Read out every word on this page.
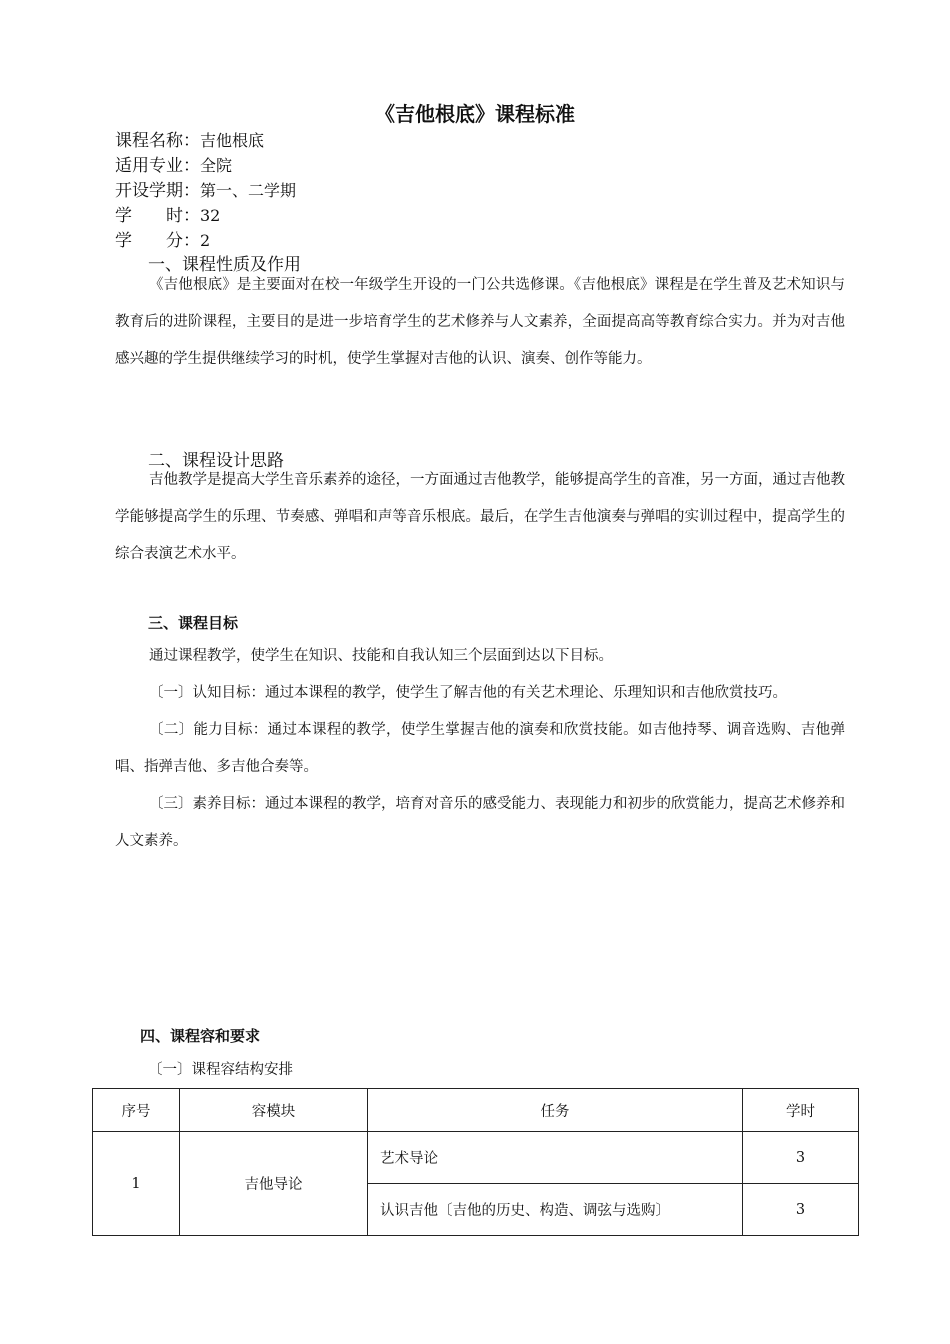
《吉他根底》课程标准
课程名称：吉他根底
适用专业：全院
开设学期：第一、二学期
学　　时：32
学　　分：2
一、课程性质及作用

《吉他根底》是主要面对在校一年级学生开设的一门公共选修课。《吉他根底》课程是在学生普及艺术知识与教育后的进阶课程，主要目的是进一步培育学生的艺术修养与人文素养，全面提高高等教育综合实力。并为对吉他感兴趣的学生提供继续学习的时机，使学生掌握对吉他的认识、演奏、创作等能力。

二、课程设计思路

吉他教学是提高大学生音乐素养的途径，一方面通过吉他教学，能够提高学生的音准，另一方面，通过吉他教学能够提高学生的乐理、节奏感、弹唱和声等音乐根底。最后，在学生吉他演奏与弹唱的实训过程中，提高学生的综合表演艺术水平。

三、课程目标

通过课程教学，使学生在知识、技能和自我认知三个层面到达以下目标。

〔一〕认知目标：通过本课程的教学，使学生了解吉他的有关艺术理论、乐理知识和吉他欣赏技巧。

〔二〕能力目标：通过本课程的教学，使学生掌握吉他的演奏和欣赏技能。如吉他持琴、调音选购、吉他弹唱、指弹吉他、多吉他合奏等。

〔三〕素养目标：通过本课程的教学，培育对音乐的感受能力、表现能力和初步的欣赏能力，提高艺术修养和人文素养。

四、课程容和要求
〔一〕课程容结构安排
序号	容模块	任务	学时
1	吉他导论	艺术导论	3
		认识吉他〔吉他的历史、构造、调弦与选购〕	3
